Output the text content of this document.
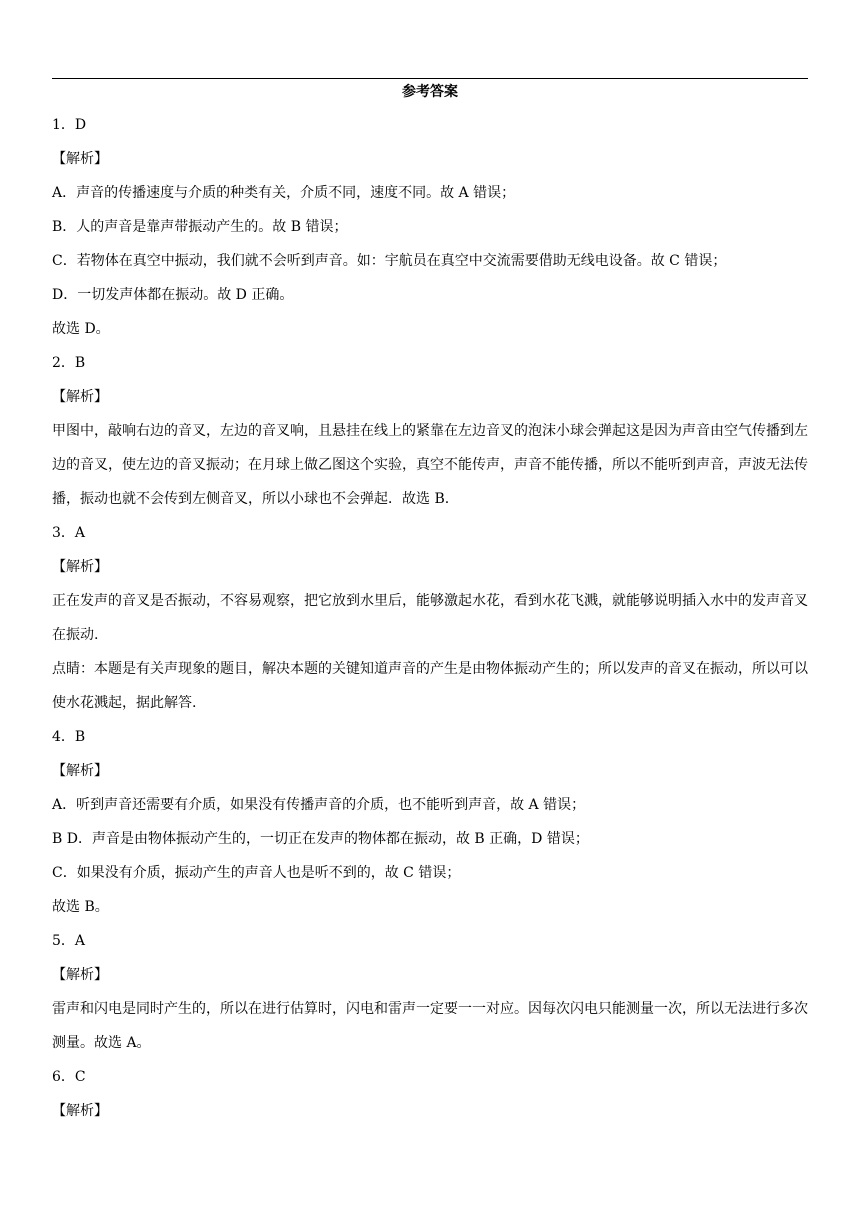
参考答案
1．D
【解析】
A．声音的传播速度与介质的种类有关，介质不同，速度不同。故 A 错误；
B．人的声音是靠声带振动产生的。故 B 错误；
C．若物体在真空中振动，我们就不会听到声音。如：宇航员在真空中交流需要借助无线电设备。故 C 错误；
D．一切发声体都在振动。故 D 正确。
故选 D。
2．B
【解析】
甲图中，敲响右边的音叉，左边的音叉响，且悬挂在线上的紧靠在左边音叉的泡沫小球会弹起这是因为声音由空气传播到左边的音叉，使左边的音叉振动；在月球上做乙图这个实验，真空不能传声，声音不能传播，所以不能听到声音，声波无法传播，振动也就不会传到左侧音叉，所以小球也不会弹起．故选 B.
3．A
【解析】
正在发声的音叉是否振动，不容易观察，把它放到水里后，能够激起水花，看到水花飞溅，就能够说明插入水中的发声音叉在振动.
点睛：本题是有关声现象的题目，解决本题的关键知道声音的产生是由物体振动产生的；所以发声的音叉在振动，所以可以使水花溅起，据此解答.
4．B
【解析】
A．听到声音还需要有介质，如果没有传播声音的介质，也不能听到声音，故 A 错误；
B D．声音是由物体振动产生的，一切正在发声的物体都在振动，故 B 正确，D 错误；
C．如果没有介质，振动产生的声音人也是听不到的，故 C 错误；
故选 B。
5．A
【解析】
雷声和闪电是同时产生的，所以在进行估算时，闪电和雷声一定要一一对应。因每次闪电只能测量一次，所以无法进行多次测量。故选 A。
6．C
【解析】
